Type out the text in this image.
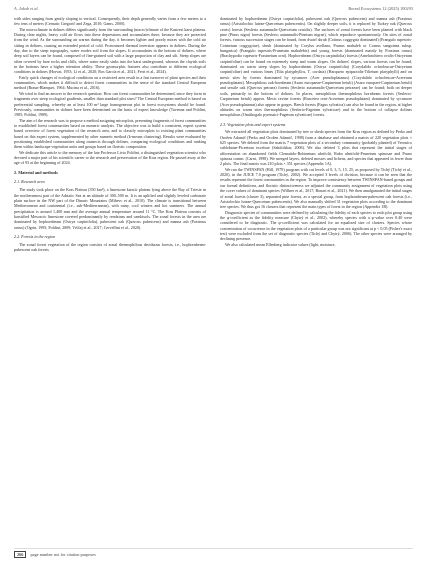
A. Jakob et al.	Boreal Ecosystems 12 (2025) 100293

with sides ranging from gently sloping to vertical. Consequently, their depth generally varies from a few meters to a few tens of meters (Cernatic Gregorič and Zega, 2010; Gams, 2000).

The microclimate in dolines differs significantly from the surrounding (macro)climate of the Kastrest karst plateau. During clear nights, heavy cold air flows into these depressions and accumulates there, because they are protected from the wind. As the surrounding air warms during the day, it becomes lighter and poorly mixes with the cold air sitting in dolines, causing an extended period of cold. Pronounced thermal inversion appears in dolines. During the day, due to the steep topography, water erodes soil from the slopes. It accumulates in the bottom of dolines, where deep soil layers can be found, composed of fine-grained soil with a large proportion of clay and silt. Steep slopes are often covered by bare rocks and cliffs, where water easily sinks into the karst underground, whereas the clayish soils in the bottoms have a higher retention ability. These geomorphic features also contribute to different ecological conditions in dolines (Horvat, 1953; Li et al., 2020; Ros García et al., 2021; Ferri et al., 2024).

Fairly quick changes of ecological conditions on a restricted area result in a fast turnover of plant species and their communities, which makes it difficult to detect forest communities in the sense of the standard Central European method (Braun-Blanquet, 1964; Mucina et al., 2016).

We tried to find an answer to the research question: How can forest communities be determined, since they form in fragments over steep ecological gradients, smaller than standard plot sizes? The Central European method is based on preferential sampling, whereby an at least 100 m² large homogeneous plot in forest ecosystems should be found. Previously, communities in dolines have been determined on the basis of expert knowledge (Tavenna and Poldini, 1985; Poldini, 1989).

The aim of the research was to propose a method assigning microplots, presenting fragments of forest communities to established forest communities based on numeric analysis. The objective was to build a consistent, expert system based overview of forest vegetation of the research area, and to classify microplots to existing plant communities based on this expert system, supplemented by other numeric method (k-means clustering). Results were evaluated by positioning established communities along transects through dolines, comparing ecological conditions and ranking them within landscape vegetation units and groups based on floristic composition.

We dedicate this article to the memory of the late Professor Livio Poldini, a distinguished vegetation scientist who devoted a major part of his scientific career to the research and preservation of the Kras region. He passed away at the age of 93 at the beginning of 2024.

2. Material and methods
2.1. Research area

The study took place on the Kras Plateau (350 km²), a limestone karstic plateau lying above the Bay of Trieste in the northernmost part of the Adriatic Sea at an altitude of 300–500 m. It is an uplifted and slightly leveled carbonate plain surface in the NW part of the Dinaric Mountains (Mihevc et al., 2010). The climate is transitional between Mediterranean and continental (i.e., sub-Mediterranean), with rainy, cool winters and hot summers. The annual precipitation is around 1,400 mm and the average annual temperature around 11 °C. The Kras Plateau consists of karstified Mesozoic limestone covered predominantly by rendzinas and cambisols. The zonal forests in the area are dominated by hophornbeam (Ostrya carpinifolia), pubescent oak (Quercus pubescens) and manna ash (Fraxinus ornus) (Ogrin, 1995; Poldini, 2009; Vrščaj et al., 2017; Cervellini et al., 2020).

2.2. Forests in the region

The zonal forest vegetation of the region consists of zonal thermophilous deciduous forests, i.e., hophornbeam-pubescent oak forests

dominated by hophornbeam (Ostrya carpinifolia), pubescent oak (Quercus pubescens) and manna ash (Fraxinus ornus) (Aristolochio luteae-Quercetum pubescentis). On slightly deeper soils, it is replaced by Turkey oak (Quercus cerris) forests (Seslerio autumnalis-Quercetum cerridis). The surfaces of zonal forests have been planted with black pine (Pinus nigra) forests (Seslerio autumnalis-Pinetum nigrae), which reproduce spontaneously. On sites of zonal forests, various succession stages can be found, from dwarf shrub (Cotinus coggygria dominated) (Frangulo rupestris-Cotinetum coggygriae), shrub (dominated by Corylus avellana, Prunus mahaleb or Cornus sanguinea subsp. hungarica) (Frangulo rupestris-Prunetum mahalebis) and young forests (dominated mainly by Fraxinus ornus) (Brachypodio rupestris-Fraxinetum orni). Hophornbeam (Ostrya carpinifolia) forests (Amelanchiero ovalis-Ostryetum carpinifoliae) can be found on extremely steep and warm slopes. On dolines' slopes, various forests can be found, dominated on warm steep slopes by hophornbeam (Ostrya carpinifolia) (Corydalido ochroleucae-Ostryetum carpinifoliae) and various limes (Tilia platyphyllos, T. cordata) (Hacqueto epipactidis-Tilietum platyphylli) and on mesic sites by forests dominated by sycamore (Acer pseudoplatanus) (Corydalido ochroleucae-Aceretum pseudoplatani). Mesophilous oak-hornbeam (Asaro europaeae-Carpinetum betuli) (Asaro europaei-Carpinetum betuli) and sessile oak (Quercus petraea) forests (Seslerio autumnalis-Quercetum petraeae) can be found; both on deeper soils, primarily in the bottom of dolines. In places, mesophilous thermophilous hornbeam forests (Seslerio-Carpinetum betuli) appear. Mesic ravine forests (Ruscetea orni-Aceretum pseudoplatani) dominated by sycamore (Acer pseudoplatanus) also appear in gorges. Beech forests (Fagus sylvatica) can also be found in the region, at higher altitudes on warm sites thermophilous (Seslerio-Fagetum sylvaticae) and in the bottom of collapse dolines mesophilous (Omithogalo pyrenaici-Fagetum sylvaticae) forests.

2.3. Vegetation plots and expert systems

We extracted all vegetation plots dominated by tree or shrub species from the Kras region as defined by Perko and Orožen Adamič (Perko and Orožen Adamič, 1998) from a database and obtained a matrix of 220 vegetation plots × 625 species. We deleted from the matrix 7 vegetation plots of a secondary community (probably planted) of Veronico sublobatae-Piceetum excelsae (Sakdolskar, 2006). We also deleted 3 plots that represent the initial stages of afforestation on abandoned fields Clematido-Robinetum ubrifolii, Rubo ulmifolii-Prunetum spinosae and Pruno spinosa comm. (Carni, 1998). We merged layers, deleted mosses and lichens, and species that appeared in fewer than 2 plots. The final matrix was 210 plots × 351 species (Appendix 1A).

We ran the TWINSPAN (Hill, 1979) program with cut levels of 0, 3, 5, 15, 25, as proposed by Tichý (Tichý et al., 2020), in the JUICE 7.0 program (Tichý, 2002). We accepted 3 levels of division, because it can be seen that the results represent the forest communities in the region. To improve consistency between TWINSPAN-based groups and our formal definitions, and floristic distinctiveness we adjusted the community assignment of vegetation plots using the cover values of dominant species (Willner et al., 2017; Bonari et al., 2021). We then amalgamated the initial stages of zonal forests (cluster 3), separated pine forests, as a special group, from hophornbeam-pubescent oak forests (i.e., Aristolochio luteae-Quercetum pubescentis). We also manually shifted 31 vegetation plots according to the dominant tree species. We thus got 16 clusters that represent the main types of forest in the region (Appendix 1B).

Diagnostic species of communities were defined by calculating the fidelity of each species to each plot group using the φ-coefficient as the fidelity measure (Chytrý et al., 2002), whereby species with a φ-value over 0.40 were considered to be diagnostic. The φ-coefficient was calculated for an equalized size of clusters. Species whose concentration of occurrence in the vegetation plots of a particular group was not significant at p < 0.05 (Fisher's exact test) were excluded from the set of diagnostic species (Tichý and Chytrý, 2006). The other species were arranged by declining presence.

We also calculated mean Ellenberg indicator values (light, moisture,

266 page number not for citation purposes
